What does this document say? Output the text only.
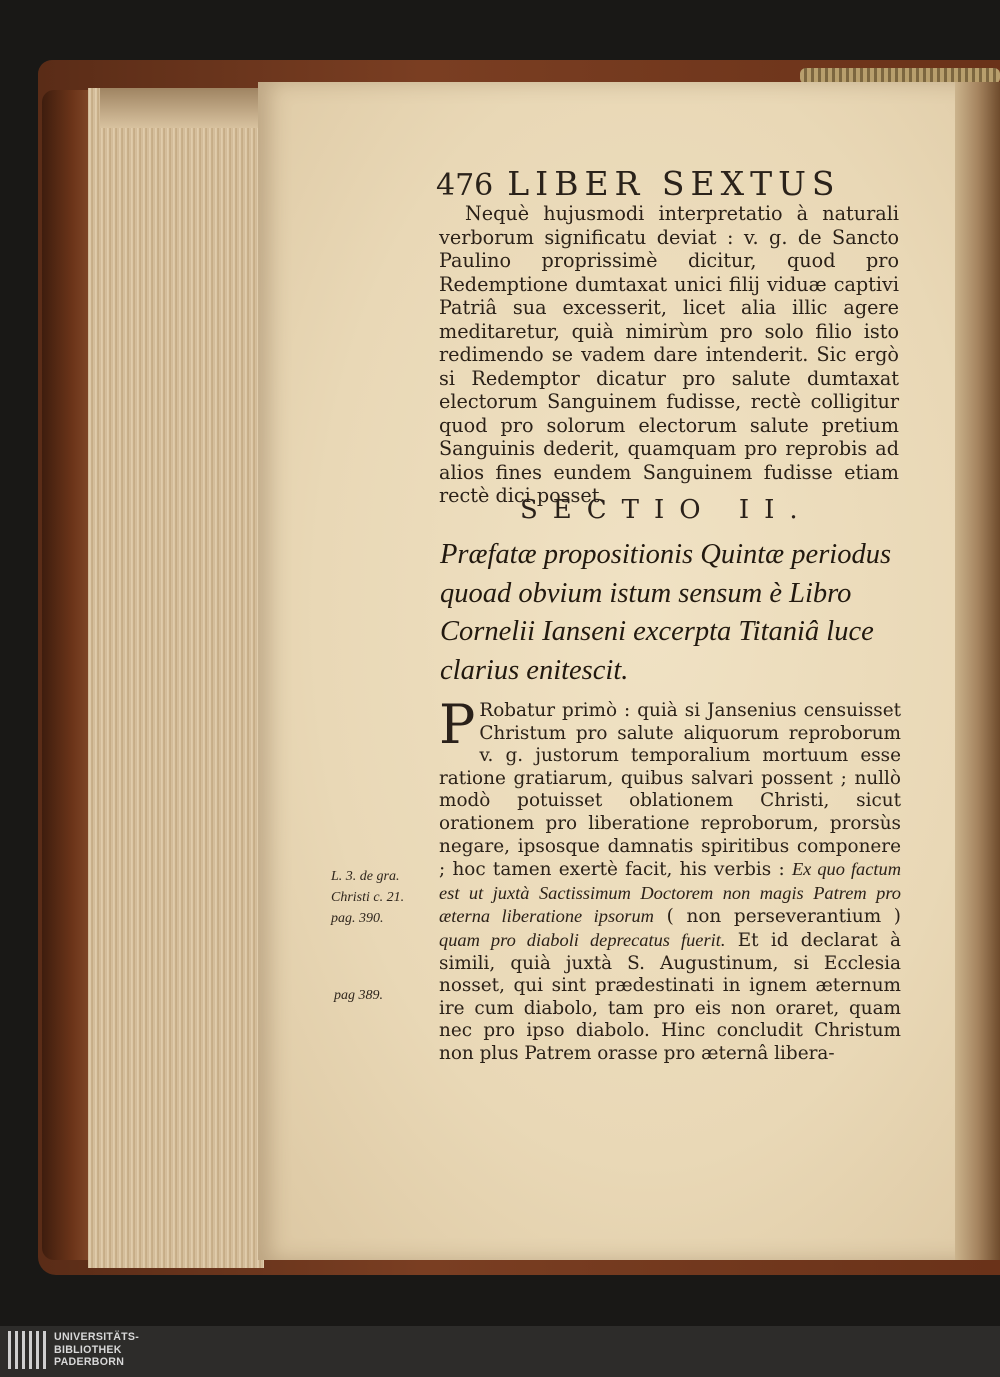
476 LIBER SEXTUS
Nequè hujusmodi interpretatio à naturali verborum significatu deviat : v. g. de Sancto Paulino proprissimè dicitur, quod pro Redemptione dumtaxat unici filij viduæ captivi Patriâ sua excesserit, licet alia illic agere meditaretur, quià nimirùm pro solo filio isto redimendo se vadem dare intenderit. Sic ergò si Redemptor dicatur pro salute dumtaxat electorum Sanguinem fudisse, rectè colligitur quod pro solorum electorum salute pretium Sanguinis dederit, quamquam pro reprobis ad alios fines eundem Sanguinem fudisse etiam rectè dici posset.
SECTIO II.
Præfatæ propositionis Quintæ periodus quoad obvium istum sensum è Libro Cornelii Ianseni excerpta Titaniâ luce clarius enitescit.
P Robatur primò : quià si Jansenius censuisset Christum pro salute aliquorum reproborum v. g. justorum temporalium mortuum esse ratione gratiarum, quibus salvari possent ; nullò modò potuisset oblationem Christi, sicut orationem pro liberatione reproborum, prorsùs negare, ipsosque damnatis spiritibus componere ; hoc tamen exertè facit, his verbis : Ex quo factum est ut juxtà Sactissimum Doctorem non magis Patrem pro æterna liberatione ipsorum ( non perseverantium ) quam pro diaboli deprecatus fuerit. Et id declarat à simili, quià juxtà S. Augustinum, si Ecclesia nosset, qui sint prædestinati in ignem æternum ire cum diabolo, tam pro eis non oraret, quam nec pro ipso diabolo. Hinc concludit Christum non plus Patrem orasse pro æternâ libera-
L. 3. de gra. Christi c. 21. pag. 390.
pag 389.
UNIVERSITÄTS-
BIBLIOTHEK
PADERBORN
